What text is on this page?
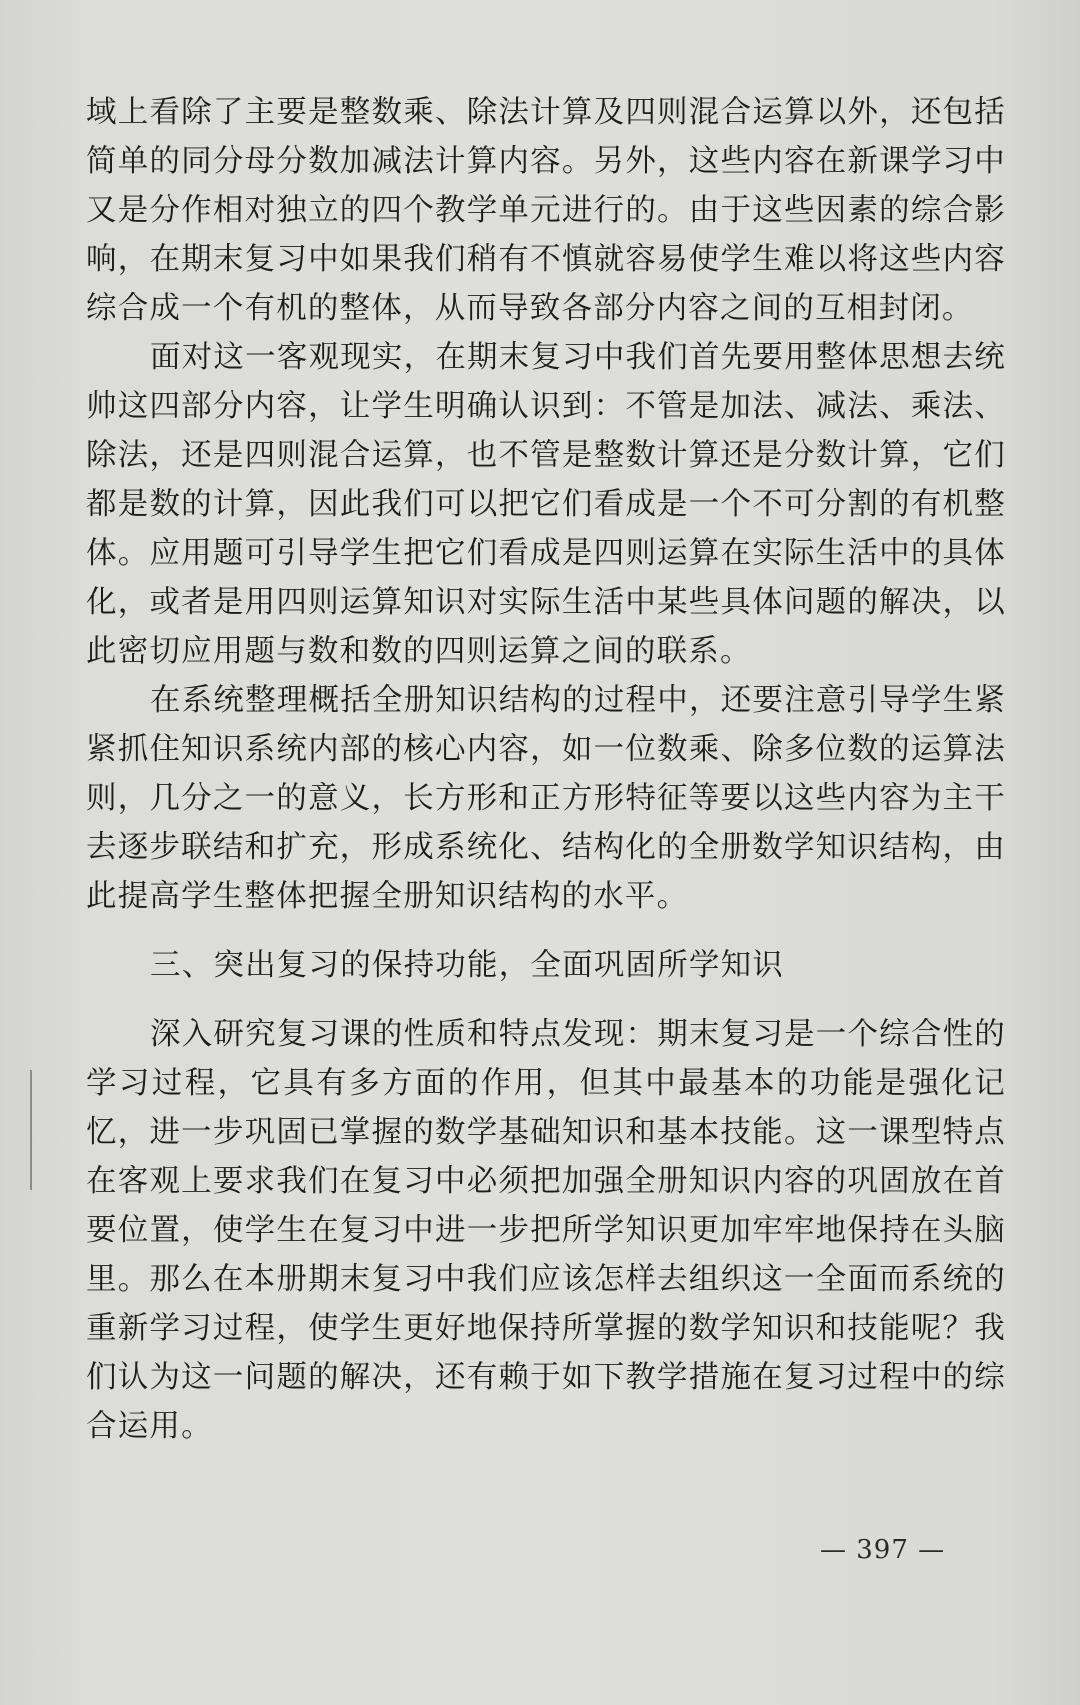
域上看除了主要是整数乘、除法计算及四则混合运算以外，还包括简单的同分母分数加减法计算内容。另外，这些内容在新课学习中又是分作相对独立的四个教学单元进行的。由于这些因素的综合影响，在期末复习中如果我们稍有不慎就容易使学生难以将这些内容综合成一个有机的整体，从而导致各部分内容之间的互相封闭。

面对这一客观现实，在期末复习中我们首先要用整体思想去统帅这四部分内容，让学生明确认识到：不管是加法、减法、乘法、除法，还是四则混合运算，也不管是整数计算还是分数计算，它们都是数的计算，因此我们可以把它们看成是一个不可分割的有机整体。应用题可引导学生把它们看成是四则运算在实际生活中的具体化，或者是用四则运算知识对实际生活中某些具体问题的解决，以此密切应用题与数和数的四则运算之间的联系。

在系统整理概括全册知识结构的过程中，还要注意引导学生紧紧抓住知识系统内部的核心内容，如一位数乘、除多位数的运算法则，几分之一的意义，长方形和正方形特征等要以这些内容为主干去逐步联结和扩充，形成系统化、结构化的全册数学知识结构，由此提高学生整体把握全册知识结构的水平。

三、突出复习的保持功能，全面巩固所学知识

深入研究复习课的性质和特点发现：期末复习是一个综合性的学习过程，它具有多方面的作用，但其中最基本的功能是强化记忆，进一步巩固已掌握的数学基础知识和基本技能。这一课型特点在客观上要求我们在复习中必须把加强全册知识内容的巩固放在首要位置，使学生在复习中进一步把所学知识更加牢牢地保持在头脑里。那么在本册期末复习中我们应该怎样去组织这一全面而系统的重新学习过程，使学生更好地保持所掌握的数学知识和技能呢？我们认为这一问题的解决，还有赖于如下教学措施在复习过程中的综合运用。

— 397 —
